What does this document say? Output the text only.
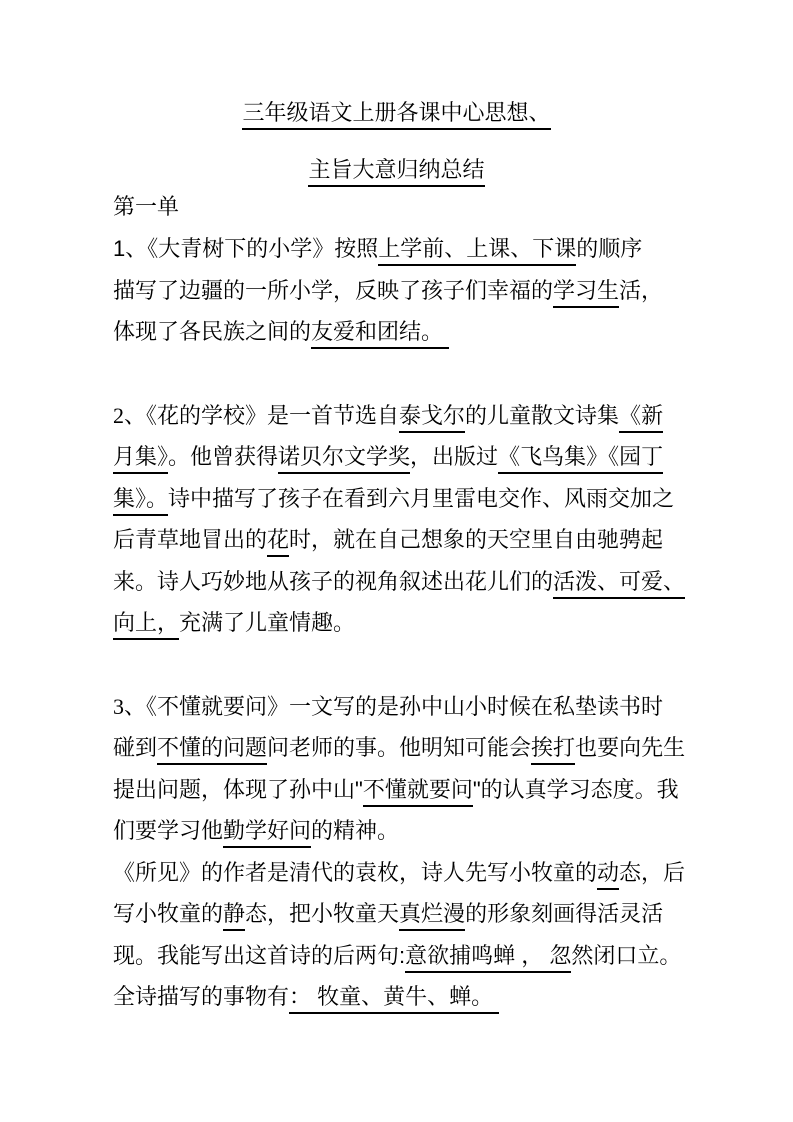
三年级语文上册各课中心思想、
主旨大意归纳总结
第一单
1、《大青树下的小学》按照上学前、上课、下课的顺序
描写了边疆的一所小学，反映了孩子们幸福的学习生活，
体现了各民族之间的友爱和团结。
2、《花的学校》是一首节选自泰戈尔的儿童散文诗集《新
月集》。他曾获得诺贝尔文学奖，出版过《飞鸟集》《园丁
集》。诗中描写了孩子在看到六月里雷电交作、风雨交加之
后青草地冒出的花时，就在自己想象的天空里自由驰骋起
来。诗人巧妙地从孩子的视角叙述出花儿们的活泼、可爱、
向上，充满了儿童情趣。
3、《不懂就要问》一文写的是孙中山小时候在私垫读书时
碰到不懂的问题问老师的事。他明知可能会挨打也要向先生
提出问题，体现了孙中山"不懂就要问"的认真学习态度。我
们要学习他勤学好问的精神。
《所见》的作者是清代的袁枚，诗人先写小牧童的动态，后
写小牧童的静态，把小牧童天真烂漫的形象刻画得活灵活
现。我能写出这首诗的后两句:意欲捕鸣蝉 ， 忽然闭口立。
全诗描写的事物有： 牧童、黄牛、蝉。
